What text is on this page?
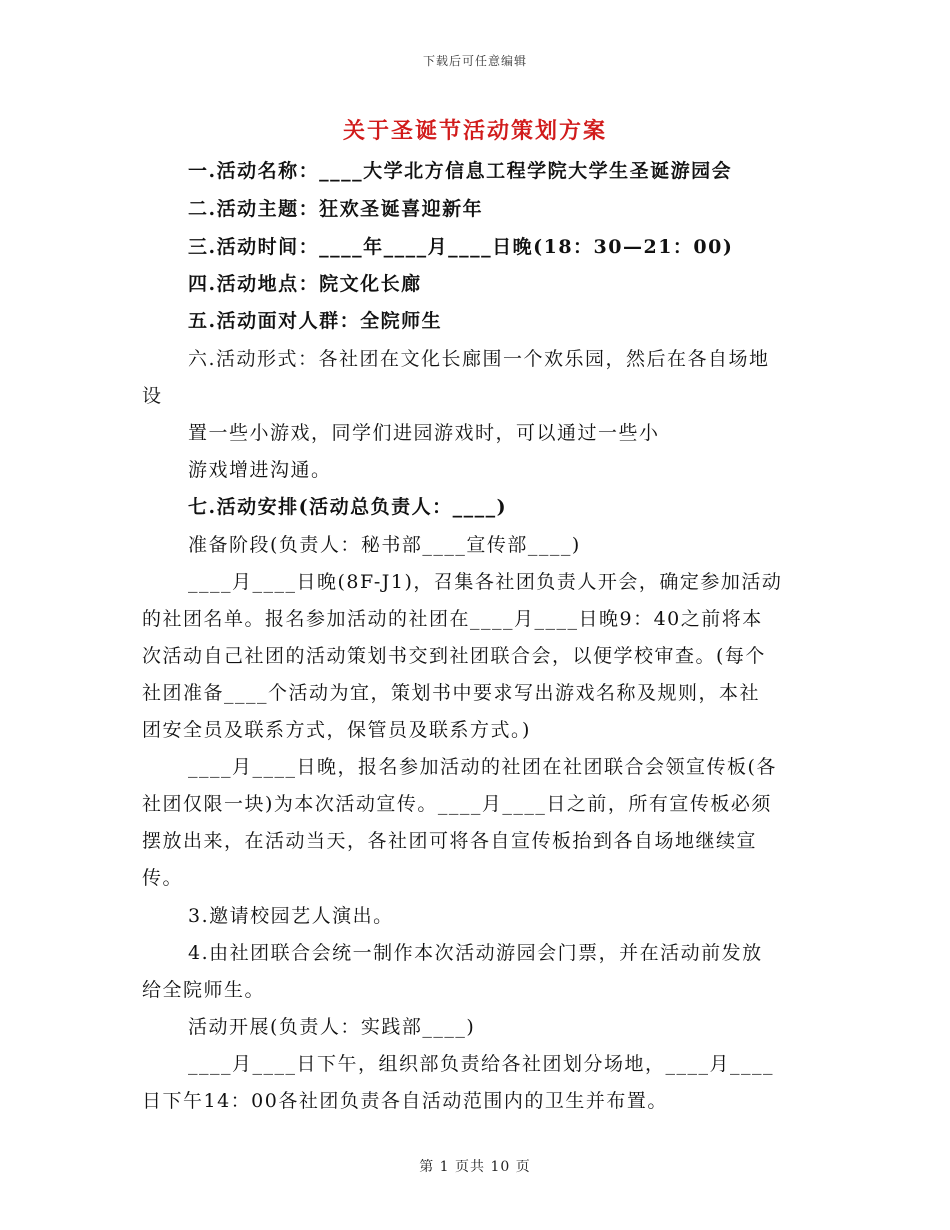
下载后可任意编辑
关于圣诞节活动策划方案
一.活动名称：____大学北方信息工程学院大学生圣诞游园会
二.活动主题：狂欢圣诞喜迎新年
三.活动时间：____年____月____日晚(18：30—21：00)
四.活动地点：院文化长廊
五.活动面对人群：全院师生
六.活动形式：各社团在文化长廊围一个欢乐园，然后在各自场地
设
置一些小游戏，同学们进园游戏时，可以通过一些小
游戏增进沟通。
七.活动安排(活动总负责人：____)
准备阶段(负责人：秘书部____宣传部____)
____月____日晚(8F-J1)，召集各社团负责人开会，确定参加活动
的社团名单。报名参加活动的社团在____月____日晚9：40之前将本
次活动自己社团的活动策划书交到社团联合会，以便学校审查。(每个
社团准备____个活动为宜，策划书中要求写出游戏名称及规则，本社
团安全员及联系方式，保管员及联系方式。)
____月____日晚，报名参加活动的社团在社团联合会领宣传板(各
社团仅限一块)为本次活动宣传。____月____日之前，所有宣传板必须
摆放出来，在活动当天，各社团可将各自宣传板抬到各自场地继续宣
传。
3.邀请校园艺人演出。
4.由社团联合会统一制作本次活动游园会门票，并在活动前发放
给全院师生。
活动开展(负责人：实践部____)
____月____日下午，组织部负责给各社团划分场地，____月____
日下午14：00各社团负责各自活动范围内的卫生并布置。
第 1 页共 10 页
